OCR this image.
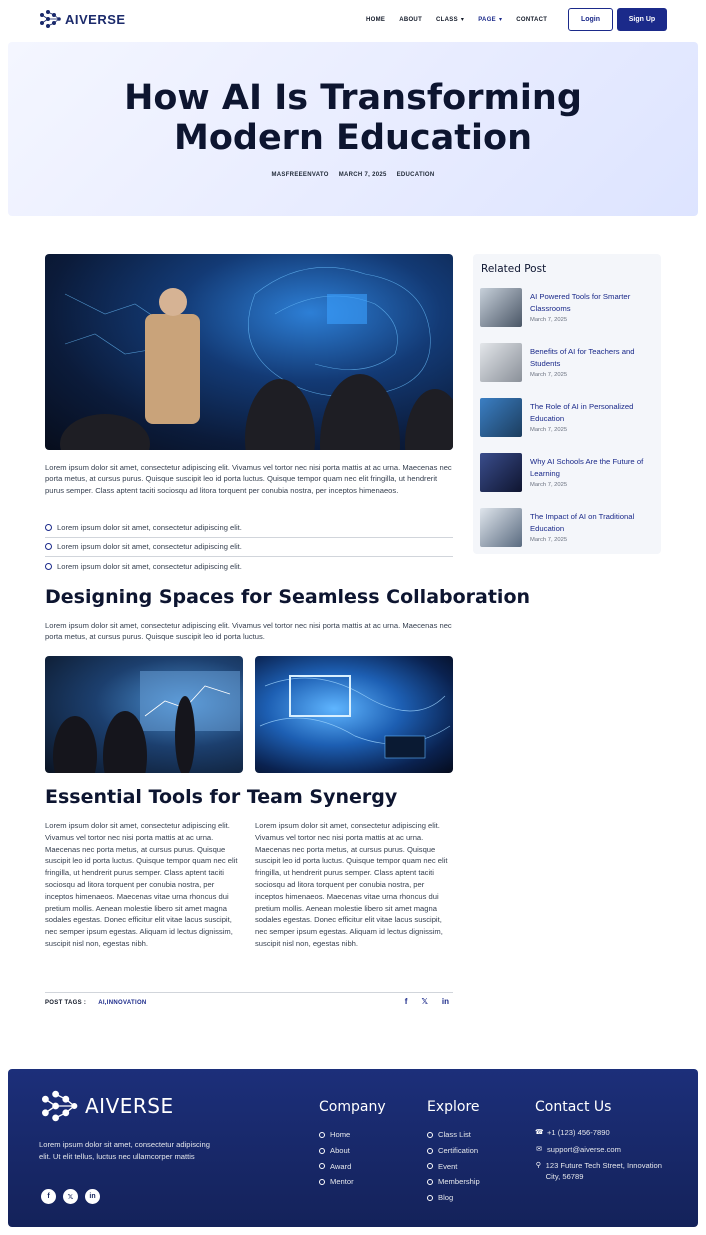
AIVERSE	HOME ABOUT CLASS ▾ PAGE ▾ CONTACT	Login	Sign Up
How AI Is Transforming
Modern Education
MASFREEENVATO MARCH 7, 2025 EDUCATION

Lorem ipsum dolor sit amet, consectetur adipiscing elit. Vivamus vel tortor nec nisi porta mattis at ac urna. Maecenas nec porta metus, at cursus purus. Quisque suscipit leo id porta luctus. Quisque tempor quam nec elit fringilla, ut hendrerit purus semper. Class aptent taciti sociosqu ad litora torquent per conubia nostra, per inceptos himenaeos.

Lorem ipsum dolor sit amet, consectetur adipiscing elit.
Lorem ipsum dolor sit amet, consectetur adipiscing elit.
Lorem ipsum dolor sit amet, consectetur adipiscing elit.
Designing Spaces for Seamless Collaboration

Lorem ipsum dolor sit amet, consectetur adipiscing elit. Vivamus vel tortor nec nisi porta mattis at ac urna. Maecenas nec porta metus, at cursus purus. Quisque suscipit leo id porta luctus.

Essential Tools for Team Synergy

Lorem ipsum dolor sit amet, consectetur adipiscing elit. Vivamus vel tortor nec nisi porta mattis at ac urna. Maecenas nec porta metus, at cursus purus. Quisque suscipit leo id porta luctus. Quisque tempor quam nec elit fringilla, ut hendrerit purus semper. Class aptent taciti sociosqu ad litora torquent per conubia nostra, per inceptos himenaeos. Maecenas vitae urna rhoncus dui pretium mollis. Aenean molestie libero sit amet magna sodales egestas. Donec efficitur elit vitae lacus suscipit, nec semper ipsum egestas. Aliquam id lectus dignissim, suscipit nisl non, egestas nibh.

Lorem ipsum dolor sit amet, consectetur adipiscing elit. Vivamus vel tortor nec nisi porta mattis at ac urna. Maecenas nec porta metus, at cursus purus. Quisque suscipit leo id porta luctus. Quisque tempor quam nec elit fringilla, ut hendrerit purus semper. Class aptent taciti sociosqu ad litora torquent per conubia nostra, per inceptos himenaeos. Maecenas vitae urna rhoncus dui pretium mollis. Aenean molestie libero sit amet magna sodales egestas. Donec efficitur elit vitae lacus suscipit, nec semper ipsum egestas. Aliquam id lectus dignissim, suscipit nisl non, egestas nibh.

POST TAGS : AI,INNOVATION	f 𝕏 in
Related Post
AI Powered Tools for Smarter Classrooms
March 7, 2025
Benefits of AI for Teachers and Students
March 7, 2025
The Role of AI in Personalized Education
March 7, 2025
Why AI Schools Are the Future of Learning
March 7, 2025
The Impact of AI on Traditional Education
March 7, 2025
AIVERSE

Lorem ipsum dolor sit amet, consectetur adipiscing elit. Ut elit tellus, luctus nec ullamcorper mattis

f	𝕏	in
Company
Home
About
Award
Mentor
Explore
Class List
Certification
Event
Membership
Blog
Contact Us
☎ +1 (123) 456-7890
✉ support@aiverse.com
⚲ 123 Future Tech Street, Innovation City, 56789
